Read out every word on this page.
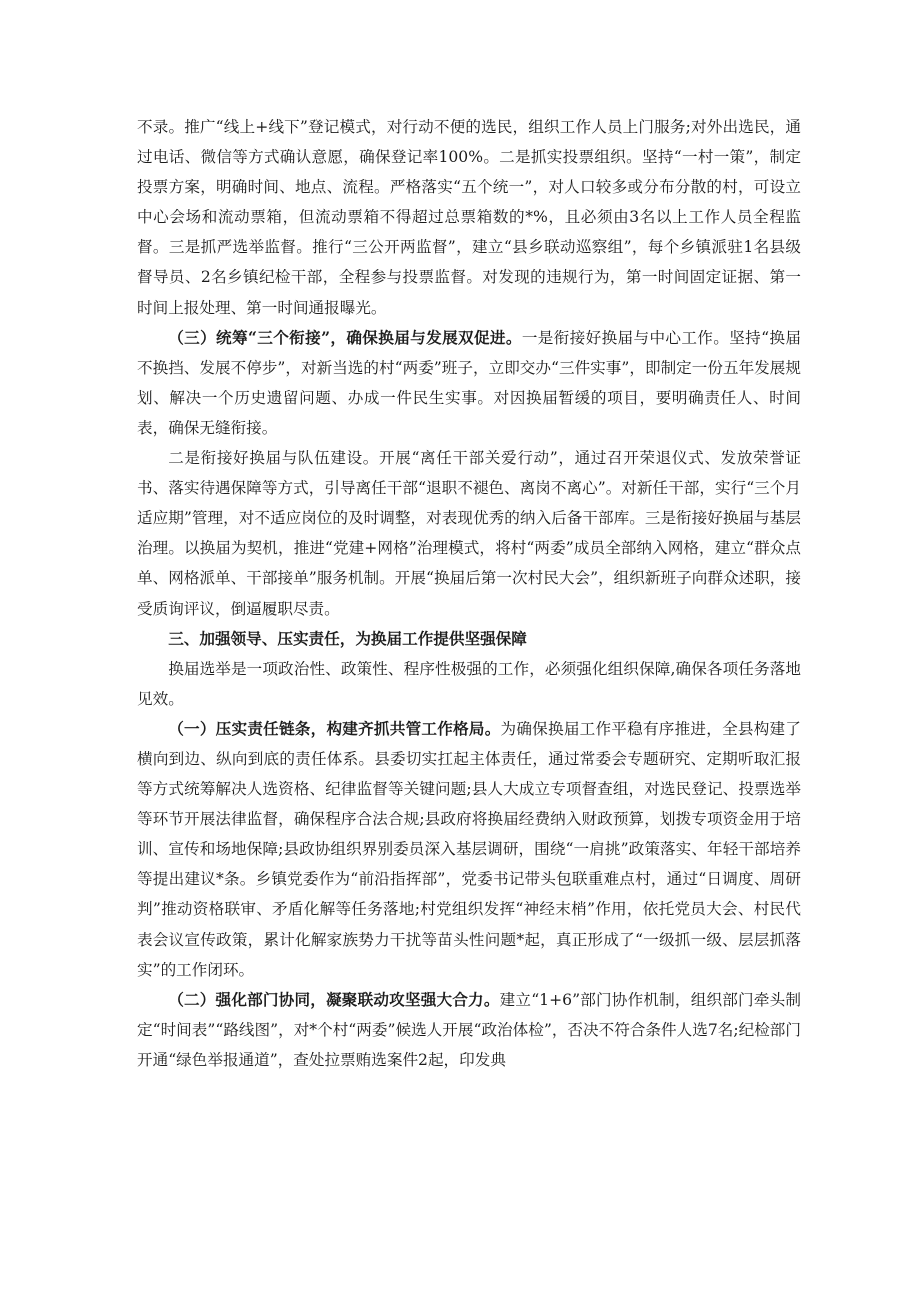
不录。推广“线上+线下”登记模式，对行动不便的选民，组织工作人员上门服务;对外出选民，通过电话、微信等方式确认意愿，确保登记率100%。二是抓实投票组织。坚持“一村一策”，制定投票方案，明确时间、地点、流程。严格落实“五个统一”，对人口较多或分布分散的村，可设立中心会场和流动票箱，但流动票箱不得超过总票箱数的*%，且必须由3名以上工作人员全程监督。三是抓严选举监督。推行“三公开两监督”，建立“县乡联动巡察组”，每个乡镇派驻1名县级督导员、2名乡镇纪检干部，全程参与投票监督。对发现的违规行为，第一时间固定证据、第一时间上报处理、第一时间通报曝光。

（三）统筹“三个衔接”，确保换届与发展双促进。一是衔接好换届与中心工作。坚持“换届不换挡、发展不停步”，对新当选的村“两委”班子，立即交办“三件实事”，即制定一份五年发展规划、解决一个历史遗留问题、办成一件民生实事。对因换届暂缓的项目，要明确责任人、时间表，确保无缝衔接。

二是衔接好换届与队伍建设。开展“离任干部关爱行动”，通过召开荣退仪式、发放荣誉证书、落实待遇保障等方式，引导离任干部“退职不褪色、离岗不离心”。对新任干部，实行“三个月适应期”管理，对不适应岗位的及时调整，对表现优秀的纳入后备干部库。三是衔接好换届与基层治理。以换届为契机，推进“党建+网格”治理模式，将村“两委”成员全部纳入网格，建立“群众点单、网格派单、干部接单”服务机制。开展“换届后第一次村民大会”，组织新班子向群众述职，接受质询评议，倒逼履职尽责。

三、加强领导、压实责任，为换届工作提供坚强保障

换届选举是一项政治性、政策性、程序性极强的工作，必须强化组织保障,确保各项任务落地见效。

（一）压实责任链条，构建齐抓共管工作格局。为确保换届工作平稳有序推进，全县构建了横向到边、纵向到底的责任体系。县委切实扛起主体责任，通过常委会专题研究、定期听取汇报等方式统筹解决人选资格、纪律监督等关键问题;县人大成立专项督查组，对选民登记、投票选举等环节开展法律监督，确保程序合法合规;县政府将换届经费纳入财政预算，划拨专项资金用于培训、宣传和场地保障;县政协组织界别委员深入基层调研，围绕“一肩挑”政策落实、年轻干部培养等提出建议*条。乡镇党委作为“前沿指挥部”，党委书记带头包联重难点村，通过“日调度、周研判”推动资格联审、矛盾化解等任务落地;村党组织发挥“神经末梢”作用，依托党员大会、村民代表会议宣传政策，累计化解家族势力干扰等苗头性问题*起，真正形成了“一级抓一级、层层抓落实”的工作闭环。

（二）强化部门协同，凝聚联动攻坚强大合力。建立“1+6”部门协作机制，组织部门牵头制定“时间表”“路线图”，对*个村“两委”候选人开展“政治体检”，否决不符合条件人选7名;纪检部门开通“绿色举报通道”，查处拉票贿选案件2起，印发典
